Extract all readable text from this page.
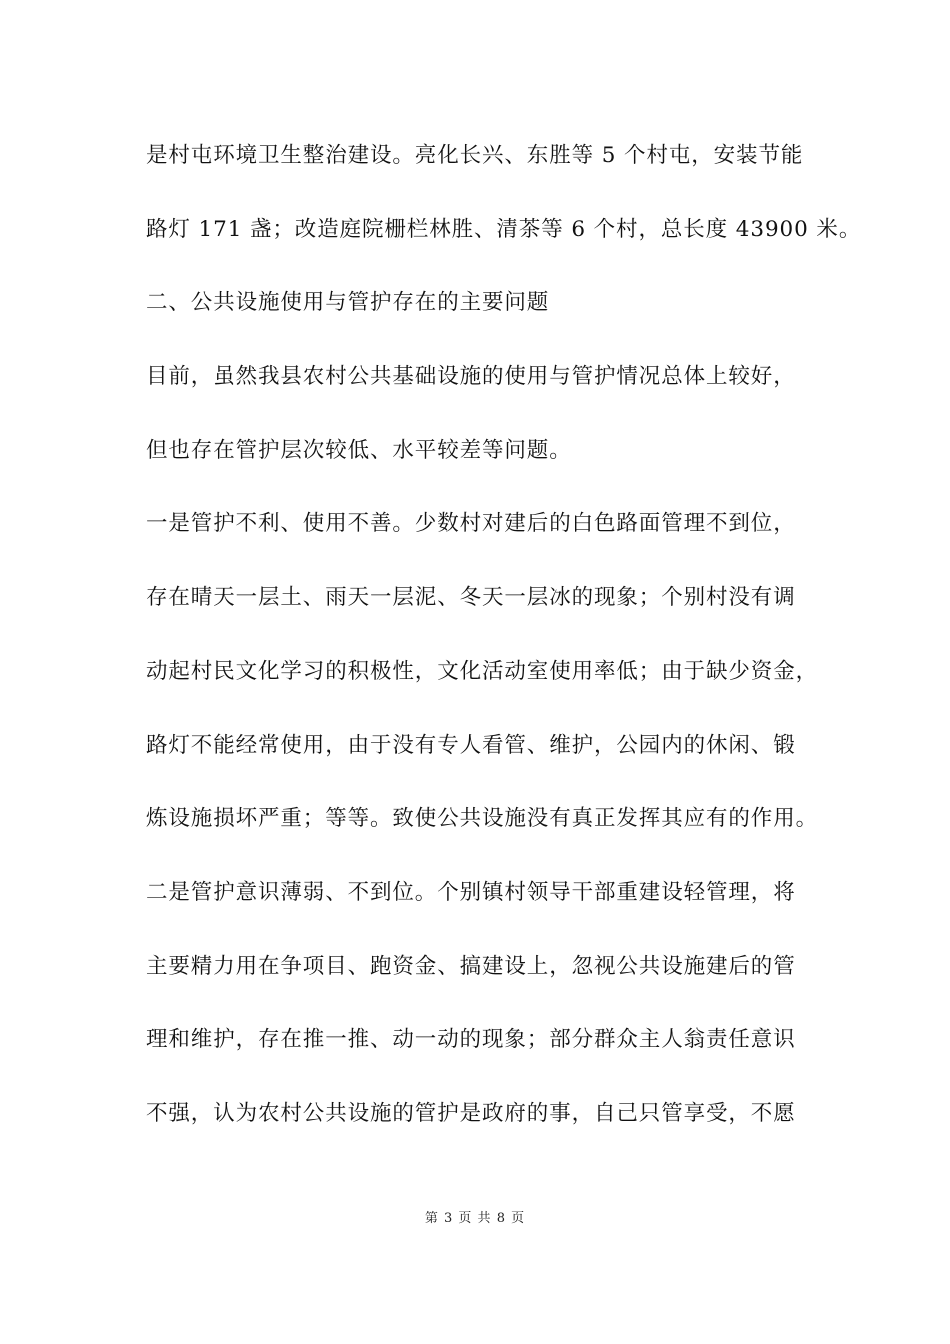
是村屯环境卫生整治建设。亮化长兴、东胜等 5 个村屯，安装节能
路灯 171 盏；改造庭院栅栏林胜、清茶等 6 个村，总长度 43900 米。
二、公共设施使用与管护存在的主要问题
目前，虽然我县农村公共基础设施的使用与管护情况总体上较好，
但也存在管护层次较低、水平较差等问题。
一是管护不利、使用不善。少数村对建后的白色路面管理不到位，
存在晴天一层土、雨天一层泥、冬天一层冰的现象；个别村没有调
动起村民文化学习的积极性，文化活动室使用率低；由于缺少资金，
路灯不能经常使用，由于没有专人看管、维护，公园内的休闲、锻
炼设施损坏严重；等等。致使公共设施没有真正发挥其应有的作用。
二是管护意识薄弱、不到位。个别镇村领导干部重建设轻管理，将
主要精力用在争项目、跑资金、搞建设上，忽视公共设施建后的管
理和维护，存在推一推、动一动的现象；部分群众主人翁责任意识
不强，认为农村公共设施的管护是政府的事，自己只管享受，不愿
第 3 页 共 8 页
